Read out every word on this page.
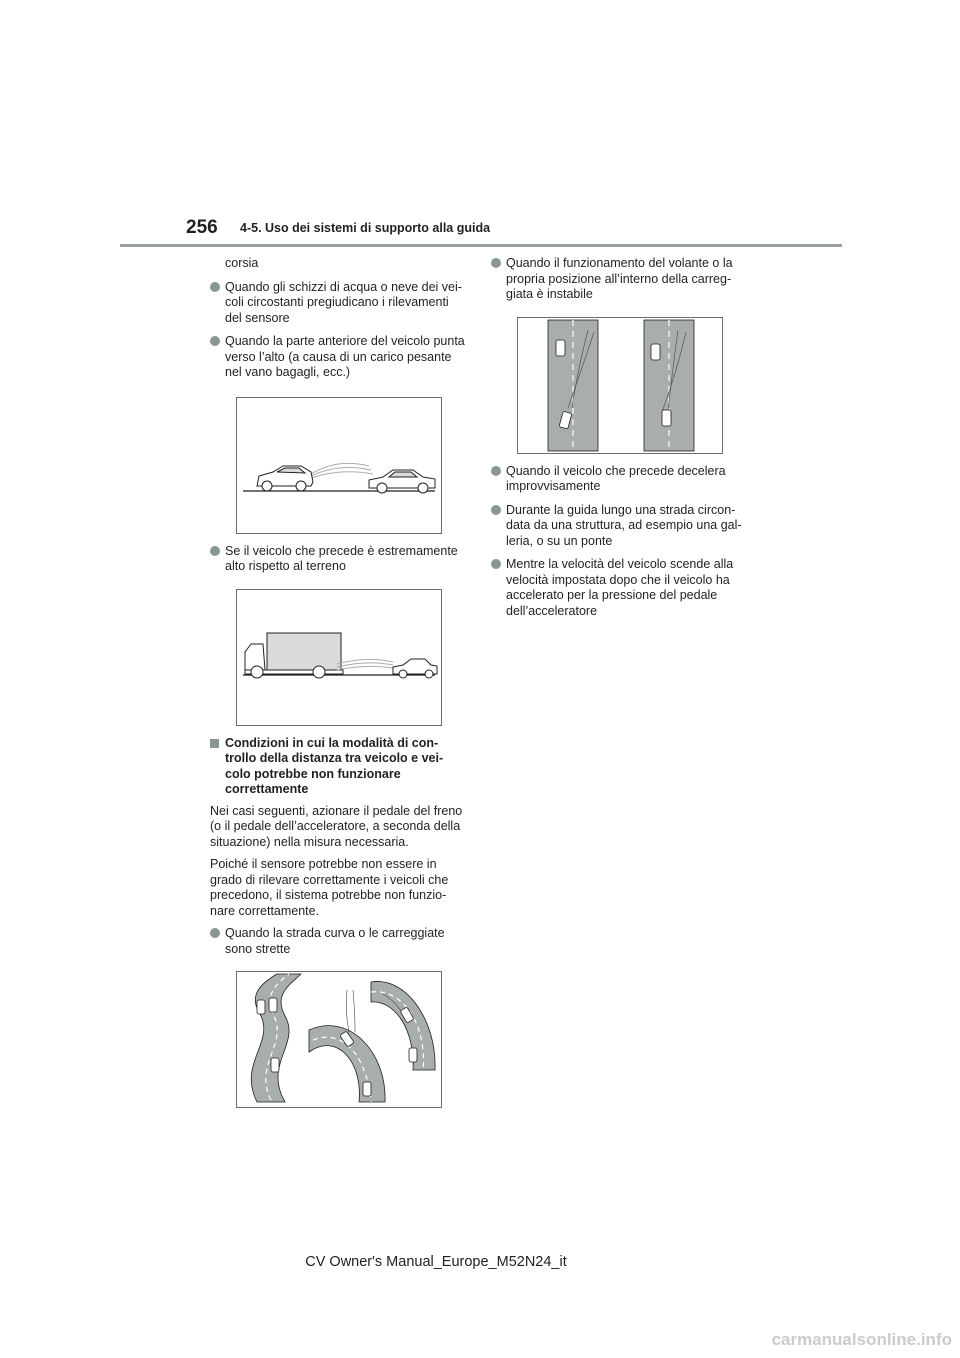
256 4-5. Uso dei sistemi di supporto alla guida

corsia

Quando gli schizzi di acqua o neve dei vei-coli circostanti pregiudicano i rilevamenti del sensore
Quando la parte anteriore del veicolo punta verso l’alto (a causa di un carico pesante nel vano bagagli, ecc.)
Se il veicolo che precede è estremamente alto rispetto al terreno
Condizioni in cui la modalità di con-trollo della distanza tra veicolo e vei-colo potrebbe non funzionare correttamente

Nei casi seguenti, azionare il pedale del freno (o il pedale dell’acceleratore, a seconda della situazione) nella misura necessaria.

Poiché il sensore potrebbe non essere in grado di rilevare correttamente i veicoli che precedono, il sistema potrebbe non funzio-nare correttamente.

Quando la strada curva o le carreggiate sono strette
Quando il funzionamento del volante o la propria posizione all’interno della carreg-giata è instabile
Quando il veicolo che precede decelera improvvisamente
Durante la guida lungo una strada circon-data da una struttura, ad esempio una gal-leria, o su un ponte
Mentre la velocità del veicolo scende alla velocità impostata dopo che il veicolo ha accelerato per la pressione del pedale dell’acceleratore
CV Owner's Manual_Europe_M52N24_it
carmanualsonline.info
